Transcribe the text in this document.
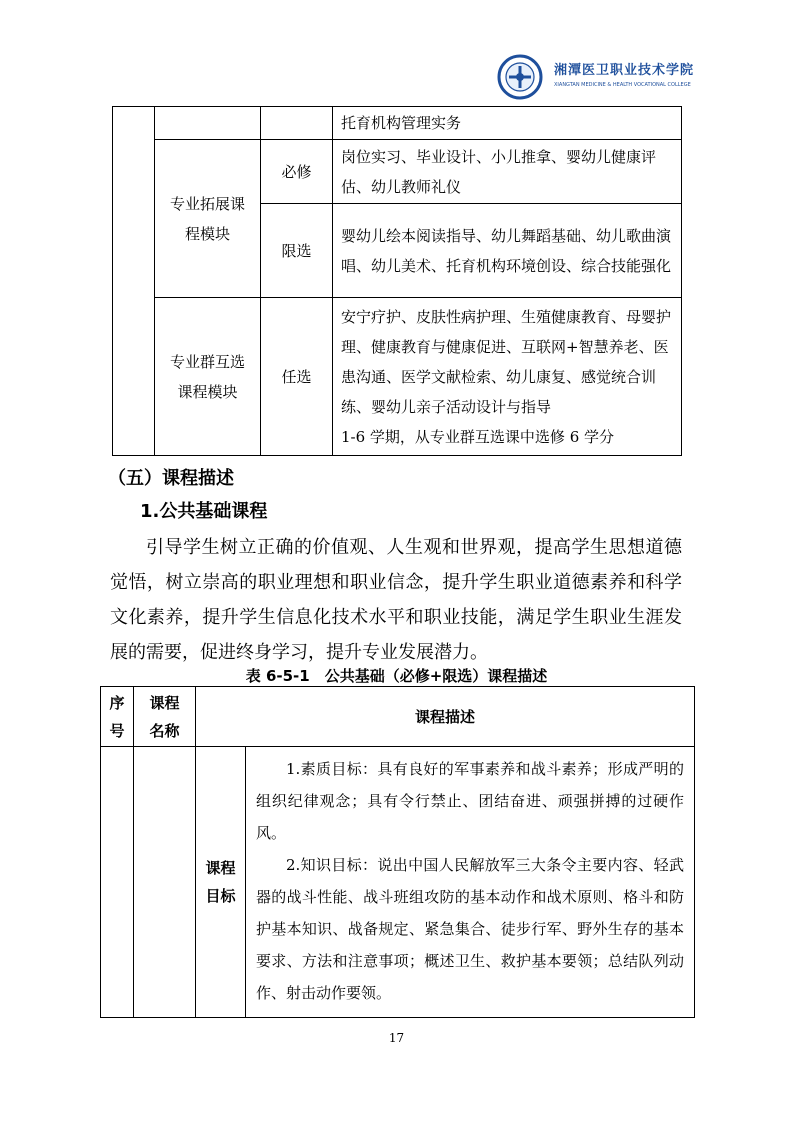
湘潭医卫职业技术学院
XIANGTAN MEDICINE & HEALTH VOCATIONAL COLLEGE
			托育机构管理实务
	专业拓展课程模块	必修	岗位实习、毕业设计、小儿推拿、婴幼儿健康评估、幼儿教师礼仪
		限选	婴幼儿绘本阅读指导、幼儿舞蹈基础、幼儿歌曲演唱、幼儿美术、托育机构环境创设、综合技能强化
	专业群互选课程模块	任选	安宁疗护、皮肤性病护理、生殖健康教育、母婴护理、健康教育与健康促进、互联网+智慧养老、医患沟通、医学文献检索、幼儿康复、感觉统合训练、婴幼儿亲子活动设计与指导
1-6 学期，从专业群互选课中选修 6 学分
（五）课程描述
1.公共基础课程
引导学生树立正确的价值观、人生观和世界观，提高学生思想道德觉悟，树立崇高的职业理想和职业信念，提升学生职业道德素养和科学文化素养，提升学生信息化技术水平和职业技能，满足学生职业生涯发展的需要，促进终身学习，提升专业发展潜力。
表 6-5-1　公共基础（必修+限选）课程描述
序号	课程名称	课程描述	
		课程目标	1.素质目标：具有良好的军事素养和战斗素养；形成严明的组织纪律观念；具有令行禁止、团结奋进、顽强拼搏的过硬作风。

2.知识目标：说出中国人民解放军三大条令主要内容、轻武器的战斗性能、战斗班组攻防的基本动作和战术原则、格斗和防护基本知识、战备规定、紧急集合、徒步行军、野外生存的基本要求、方法和注意事项；概述卫生、救护基本要领；总结队列动作、射击动作要领。

17
